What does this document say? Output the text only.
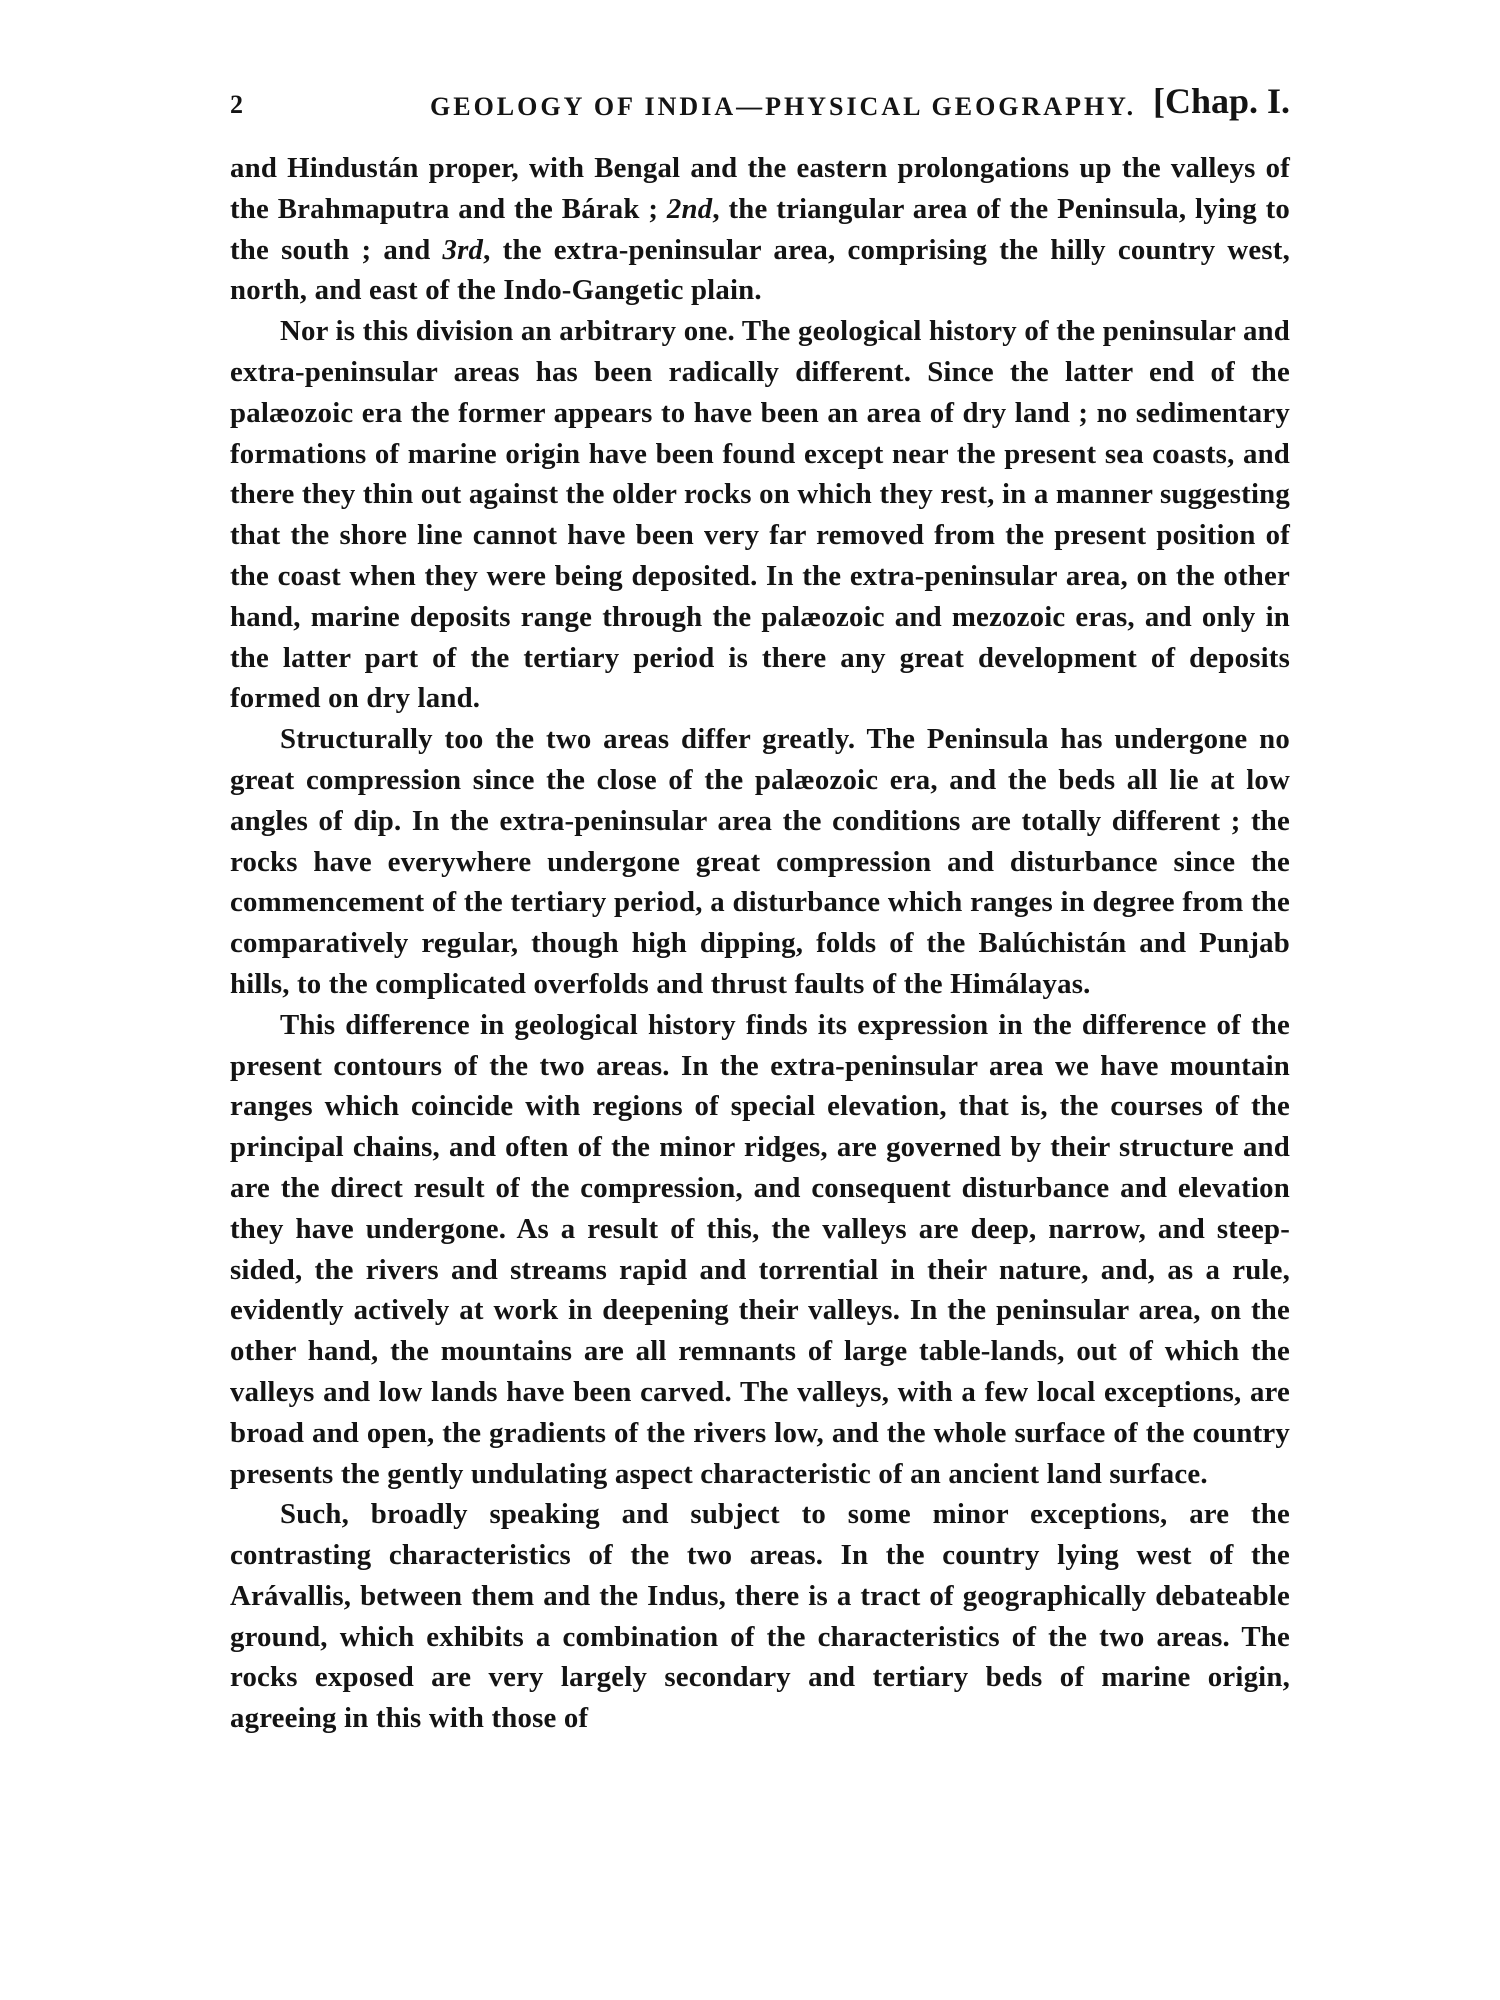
2	GEOLOGY OF INDIA—PHYSICAL GEOGRAPHY. [Chap. I.

and Hindustán proper, with Bengal and the eastern prolongations up the valleys of the Brahmaputra and the Bárak ; 2nd, the triangular area of the Peninsula, lying to the south ; and 3rd, the extra-peninsular area, comprising the hilly country west, north, and east of the Indo-Gangetic plain.

Nor is this division an arbitrary one. The geological history of the peninsular and extra-peninsular areas has been radically different. Since the latter end of the palæozoic era the former appears to have been an area of dry land ; no sedimentary formations of marine origin have been found except near the present sea coasts, and there they thin out against the older rocks on which they rest, in a manner suggesting that the shore line cannot have been very far removed from the present position of the coast when they were being deposited. In the extra-peninsular area, on the other hand, marine deposits range through the palæozoic and mezozoic eras, and only in the latter part of the tertiary period is there any great development of deposits formed on dry land.

Structurally too the two areas differ greatly. The Peninsula has undergone no great compression since the close of the palæozoic era, and the beds all lie at low angles of dip. In the extra-peninsular area the conditions are totally different ; the rocks have everywhere undergone great compression and disturbance since the commencement of the tertiary period, a disturbance which ranges in degree from the comparatively regular, though high dipping, folds of the Balúchistán and Punjab hills, to the complicated overfolds and thrust faults of the Himálayas.

This difference in geological history finds its expression in the difference of the present contours of the two areas. In the extra-peninsular area we have mountain ranges which coincide with regions of special elevation, that is, the courses of the principal chains, and often of the minor ridges, are governed by their structure and are the direct result of the compression, and consequent disturbance and elevation they have undergone. As a result of this, the valleys are deep, narrow, and steep-sided, the rivers and streams rapid and torrential in their nature, and, as a rule, evidently actively at work in deepening their valleys. In the peninsular area, on the other hand, the mountains are all remnants of large table-lands, out of which the valleys and low lands have been carved. The valleys, with a few local exceptions, are broad and open, the gradients of the rivers low, and the whole surface of the country presents the gently undulating aspect characteristic of an ancient land surface.

Such, broadly speaking and subject to some minor exceptions, are the contrasting characteristics of the two areas. In the country lying west of the Arávallis, between them and the Indus, there is a tract of geographically debateable ground, which exhibits a combination of the characteristics of the two areas. The rocks exposed are very largely secondary and tertiary beds of marine origin, agreeing in this with those of
